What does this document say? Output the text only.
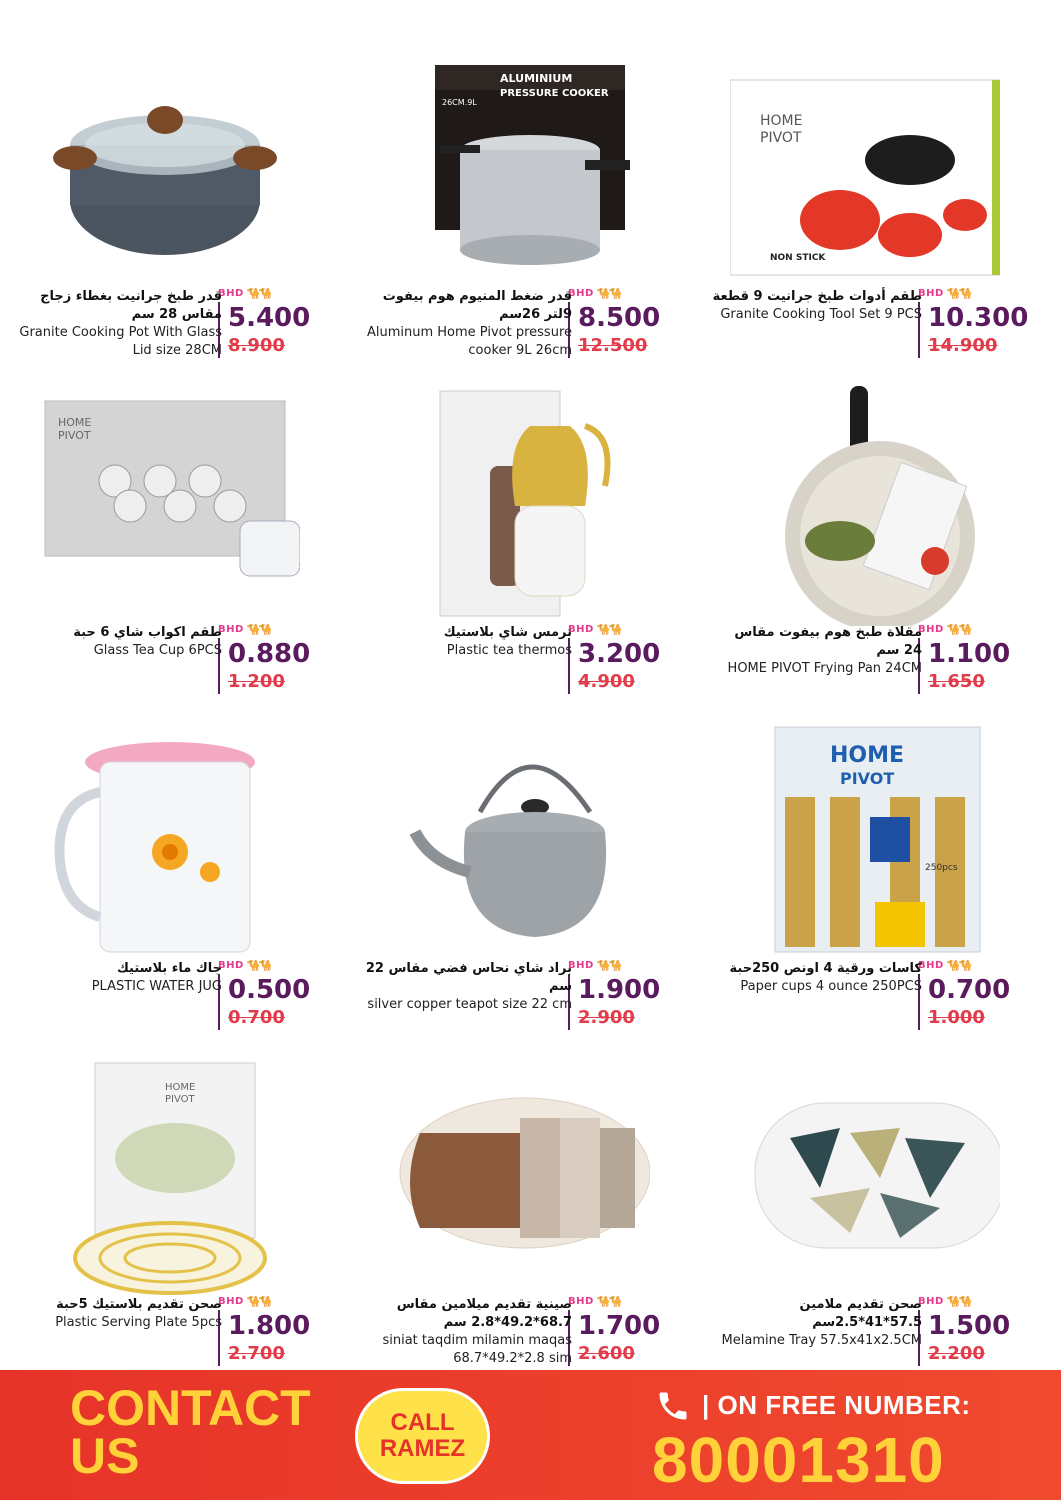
BHD 🐪🐪
5.400
8.900
قدر طبخ جرانيت بغطاء زجاج مقاس 28 سم
Granite Cooking Pot With Glass Lid size 28CM
ALUMINIUM
PRESSURE COOKER
26CM.9L
BHD 🐪🐪
8.500
12.500
قدر ضغط المنيوم هوم بيفوت 9لتر 26سم
Aluminum Home Pivot pressure cooker 9L 26cm
HOME
PIVOT
NON STICK
BHD 🐪🐪
10.300
14.900
طقم أدوات طبخ جرانيت 9 قطعة
Granite Cooking Tool Set 9 PCS
HOME
PIVOT
BHD 🐪🐪
0.880
1.200
طقم اكواب شاي 6 حبة
Glass Tea Cup 6PCS
BHD 🐪🐪
3.200
4.900
ترمس شاي بلاستيك
Plastic tea thermos
BHD 🐪🐪
1.100
1.650
مقلاة طبخ هوم بيفوت مقاس 24 سم
HOME PIVOT Frying Pan 24CM
BHD 🐪🐪
0.500
0.700
جاك ماء بلاستيك
PLASTIC WATER JUG
BHD 🐪🐪
1.900
2.900
براد شاي نحاس فضي مقاس 22 سم
silver copper teapot size 22 cm
HOME
PIVOT
250pcs
BHD 🐪🐪
0.700
1.000
كاسات ورقية 4 اونص 250حبة
Paper cups 4 ounce 250PCS
HOME
PIVOT
BHD 🐪🐪
1.800
2.700
صحن تقديم بلاستيك 5حبة
Plastic Serving Plate 5pcs
BHD 🐪🐪
1.700
2.600
صينية تقديم ميلامين مقاس 68.7*49.2*2.8 سم
siniat taqdim milamin maqas 68.7*49.2*2.8 sim
BHD 🐪🐪
1.500
2.200
صحن تقديم ملامين 57.5*41*2.5سم
Melamine Tray 57.5x41x2.5CM
CONTACT
US
CALL
RAMEZ
| ON FREE NUMBER:
80001310
